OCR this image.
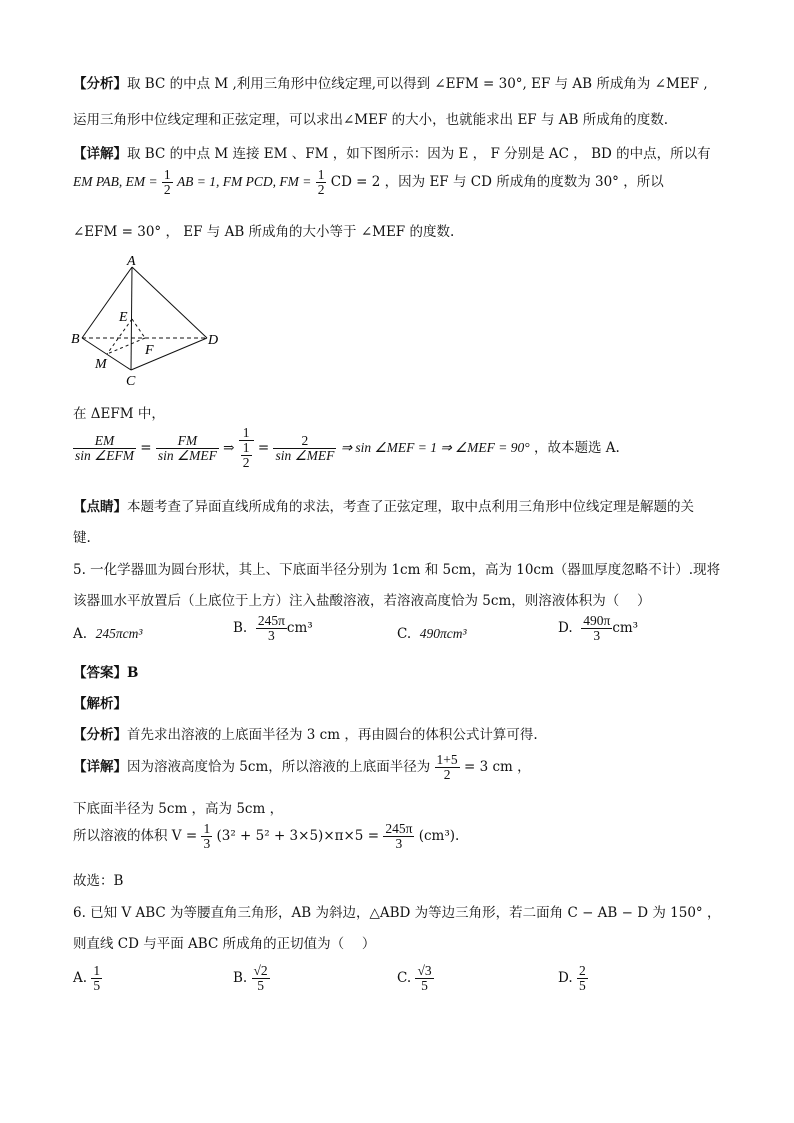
【分析】取 BC 的中点 M ,利用三角形中位线定理,可以得到 ∠EFM = 30°, EF 与 AB 所成角为 ∠MEF ,
运用三角形中位线定理和正弦定理，可以求出∠MEF 的大小，也就能求出 EF 与 AB 所成角的度数.
【详解】取 BC 的中点 M 连接 EM 、FM ，如下图所示：因为 E ， F 分别是 AC ， BD 的中点，所以有
EM PAB, EM = $\frac{1}{2}$ AB = 1, FM PCD, FM = $\frac{1}{2}$ CD = 2 ，因为 EF 与 CD 所成角的度数为 30° ，所以
∠EFM = 30° ， EF 与 AB 所成角的大小等于 ∠MEF 的度数.
A
B
C
D
E
F
M
在 ΔEFM 中，
$\frac{EM}{\text{sin ∠EFM}} = \frac{FM}{\text{sin ∠MEF}}$ ⇒ $\frac{1}{\frac{1}{2}} = \frac{2}{\text{sin ∠MEF}}$ ⇒ sin ∠MEF = 1 ⇒ ∠MEF = 90° ，故本题选 A.
【点睛】本题考查了异面直线所成角的求法，考查了正弦定理，取中点利用三角形中位线定理是解题的关
键.
5. 一化学器皿为圆台形状，其上、下底面半径分别为 1cm 和 5cm，高为 10cm（器皿厚度忽略不计）.现将
该器皿水平放置后（上底位于上方）注入盐酸溶液，若溶液高度恰为 5cm，则溶液体积为（　 ）
A. 245πcm³	B. $\frac{245\pi}{3} cm^3$	C. 490πcm³	D. $\frac{490\pi}{3} cm^3$
【答案】B
【解析】
【分析】首先求出溶液的上底面半径为 3 cm ，再由圆台的体积公式计算可得.
【详解】因为溶液高度恰为 5cm，所以溶液的上底面半径为 $\frac{1+5}{2} = 3$ cm ，
下底面半径为 5cm ，高为 5cm ，
所以溶液的体积 $V = \frac{1}{3} (3^2 + 5^2 + 3\times 5)\times\pi\times 5 = \frac{245\pi}{3} (cm^3)$.
故选：B
6. 已知 V ABC 为等腰直角三角形，AB 为斜边，△ABD 为等边三角形，若二面角 C − AB − D 为 150° ，
则直线 CD 与平面 ABC 所成角的正切值为（　 ）
A. $\frac{1}{5}$	B. $\frac{√2}{5}$	C. $\frac{√3}{5}$	D. $\frac{2}{5}$
